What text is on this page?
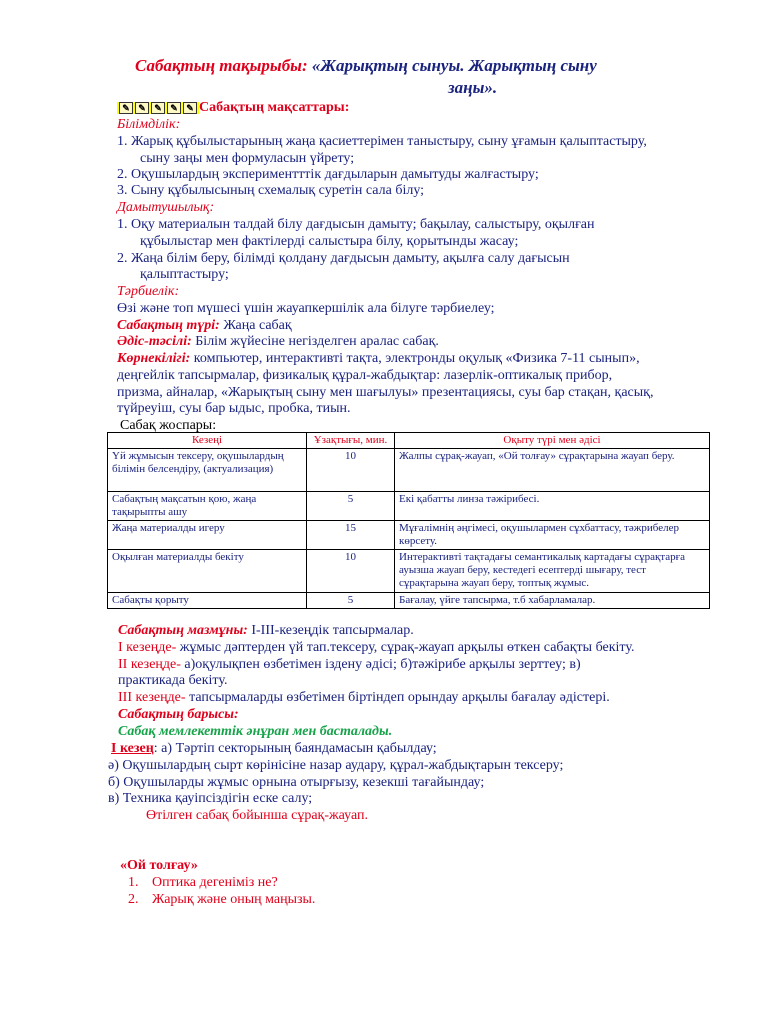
Сабақтың тақырыбы: «Жарықтың сынуы. Жарықтың сыну
заңы».
✎ ✎ ✎ ✎ ✎ Сабақтың мақсаттары:
Білімділік:
1. Жарық құбылыстарының жаңа қасиеттерімен таныстыру, сыну ұғамын қалыптастыру,
сыну заңы мен формуласын үйрету;
2. Оқушылардың экспериментттік дағдыларын дамытуды жалғастыру;
3. Сыну құбылысының схемалық суретін сала білу;
Дамытушылық:
1. Оқу материалын талдай білу дағдысын дамыту; бақылау, салыстыру, оқылған
құбылыстар мен фактілерді салыстыра білу, қорытынды жасау;
2. Жаңа білім беру, білімді қолдану дағдысын дамыту, ақылға салу дағысын
қалыптастыру;
Тәрбиелік:
Өзі және топ мүшесі үшін жауапкершілік ала білуге тәрбиелеу;
Сабақтың түрі: Жаңа сабақ
Әдіс-тәсілі: Білім жүйесіне негізделген аралас сабақ.
Көрнекілігі: компьютер, интерактивті тақта, электронды оқулық «Физика 7-11 сынып»,
деңгейлік тапсырмалар, физикалық құрал-жабдықтар: лазерлік-оптикалық прибор,
призма, айналар, «Жарықтың сыну мен шағылуы» презентациясы, суы бар стақан, қасық,
түйреуіш, суы бар ыдыс, пробка, тиын.
Сабақ жоспары:
Кезеңі	Ұзақтығы, мин.	Оқыту түрі мен әдісі
Үй жұмысын тексеру, оқушылардың білімін белсендіру, (актуализация)	10	Жалпы сұрақ-жауап, «Ой толғау» сұрақтарына жауап беру.
Сабақтың мақсатын қою, жаңа тақырыпты ашу	5	Екі қабатты линза тәжірибесі.
Жаңа материалды игеру	15	Мұғалімнің әңгімесі, оқушылармен сұхбаттасу, тәжрибелер көрсету.
Оқылған материалды бекіту	10	Интерактивті тақтадағы семантикалық картадағы сұрақтарға ауызша жауап беру, кестедегі есептерді шығару, тест сұрақтарына жауап беру, топтық жұмыс.
Сабақты қорыту	5	Бағалау, үйге тапсырма, т.б хабарламалар.
Сабақтың мазмұны: І-ІІІ-кезеңдік тапсырмалар.
І кезеңде- жұмыс дәптерден үй тап.тексеру, сұрақ-жауап арқылы өткен сабақты бекіту.
ІІ кезеңде- а)оқулықпен өзбетімен іздену әдісі; б)тәжірибе арқылы зерттеу; в)
практикада бекіту.
ІІІ кезеңде- тапсырмаларды өзбетімен біртіндеп орындау арқылы бағалау әдістері.
Сабақтың барысы:
Сабақ мемлекеттік әнұран мен басталады.
І кезең: а) Тәртіп секторының баяндамасын қабылдау;
ә) Оқушылардың сырт көрінісіне назар аудару, құрал-жабдықтарын тексеру;
б) Оқушыларды жұмыс орнына отырғызу, кезекші тағайындау;
в) Техника қауіпсіздігін еске салу;
Өтілген сабақ бойынша сұрақ-жауап.
«Ой толғау»
1. Оптика дегеніміз не?
2. Жарық және оның маңызы.
